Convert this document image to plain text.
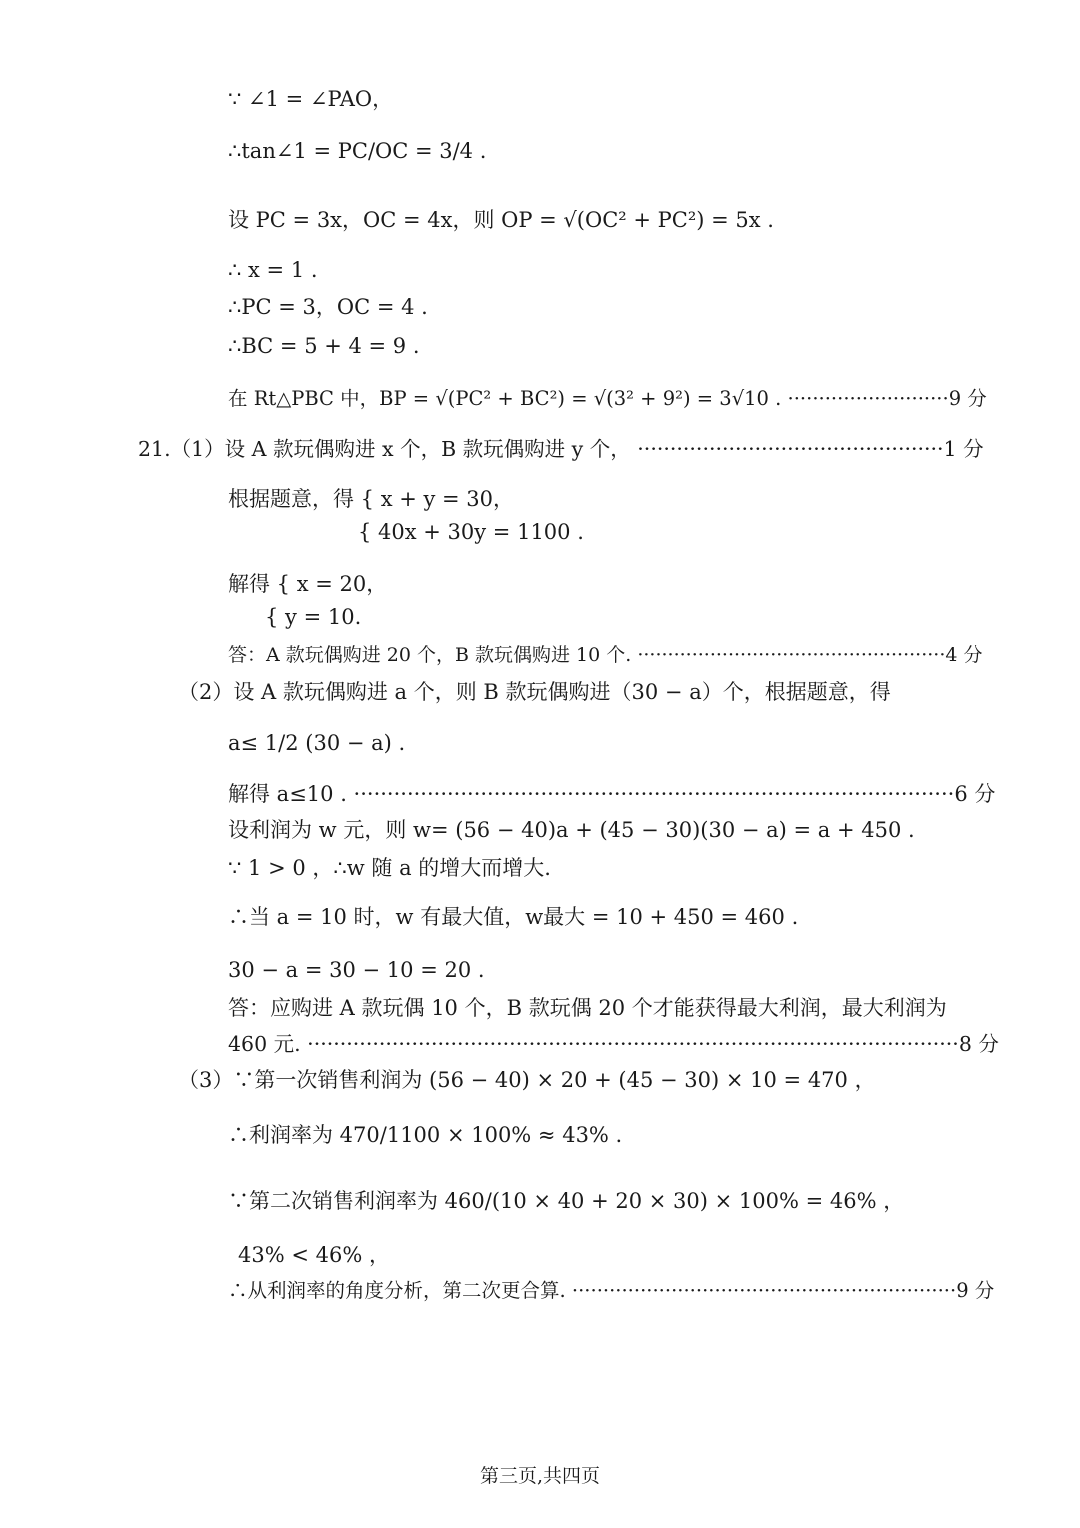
∵ ∠1 = ∠PAO，
∴tan∠1 = PC/OC = 3/4 .
设 PC = 3x，OC = 4x，则 OP = √(OC² + PC²) = 5x .
∴ x = 1 .
∴PC = 3，OC = 4 .
∴BC = 5 + 4 = 9 .
在 Rt△PBC 中，BP = √(PC² + BC²) = √(3² + 9²) = 3√10 . ··························9 分
21.（1）设 A 款玩偶购进 x 个，B 款玩偶购进 y 个， ···············································1 分
根据题意，得 { x + y = 30，
{ 40x + 30y = 1100 .
解得 { x = 20，
{ y = 10.
答：A 款玩偶购进 20 个，B 款玩偶购进 10 个. ···················································4 分
（2）设 A 款玩偶购进 a 个，则 B 款玩偶购进（30 − a）个，根据题意，得
a≤ 1/2 (30 − a) .
解得 a≤10 . ··························································································6 分
设利润为 w 元，则 w= (56 − 40)a + (45 − 30)(30 − a) = a + 450 .
∵ 1 > 0 ，∴w 随 a 的增大而增大.
∴当 a = 10 时，w 有最大值，w最大 = 10 + 450 = 460 .
30 − a = 30 − 10 = 20 .
答：应购进 A 款玩偶 10 个，B 款玩偶 20 个才能获得最大利润，最大利润为
460 元. ····································································································8 分
（3）∵第一次销售利润为 (56 − 40) × 20 + (45 − 30) × 10 = 470 ，
∴利润率为 470/1100 × 100% ≈ 43% .
∵第二次销售利润率为 460/(10 × 40 + 20 × 30) × 100% = 46% ，
43% < 46% ，
∴从利润率的角度分析，第二次更合算. ······························································9 分
第三页,共四页
